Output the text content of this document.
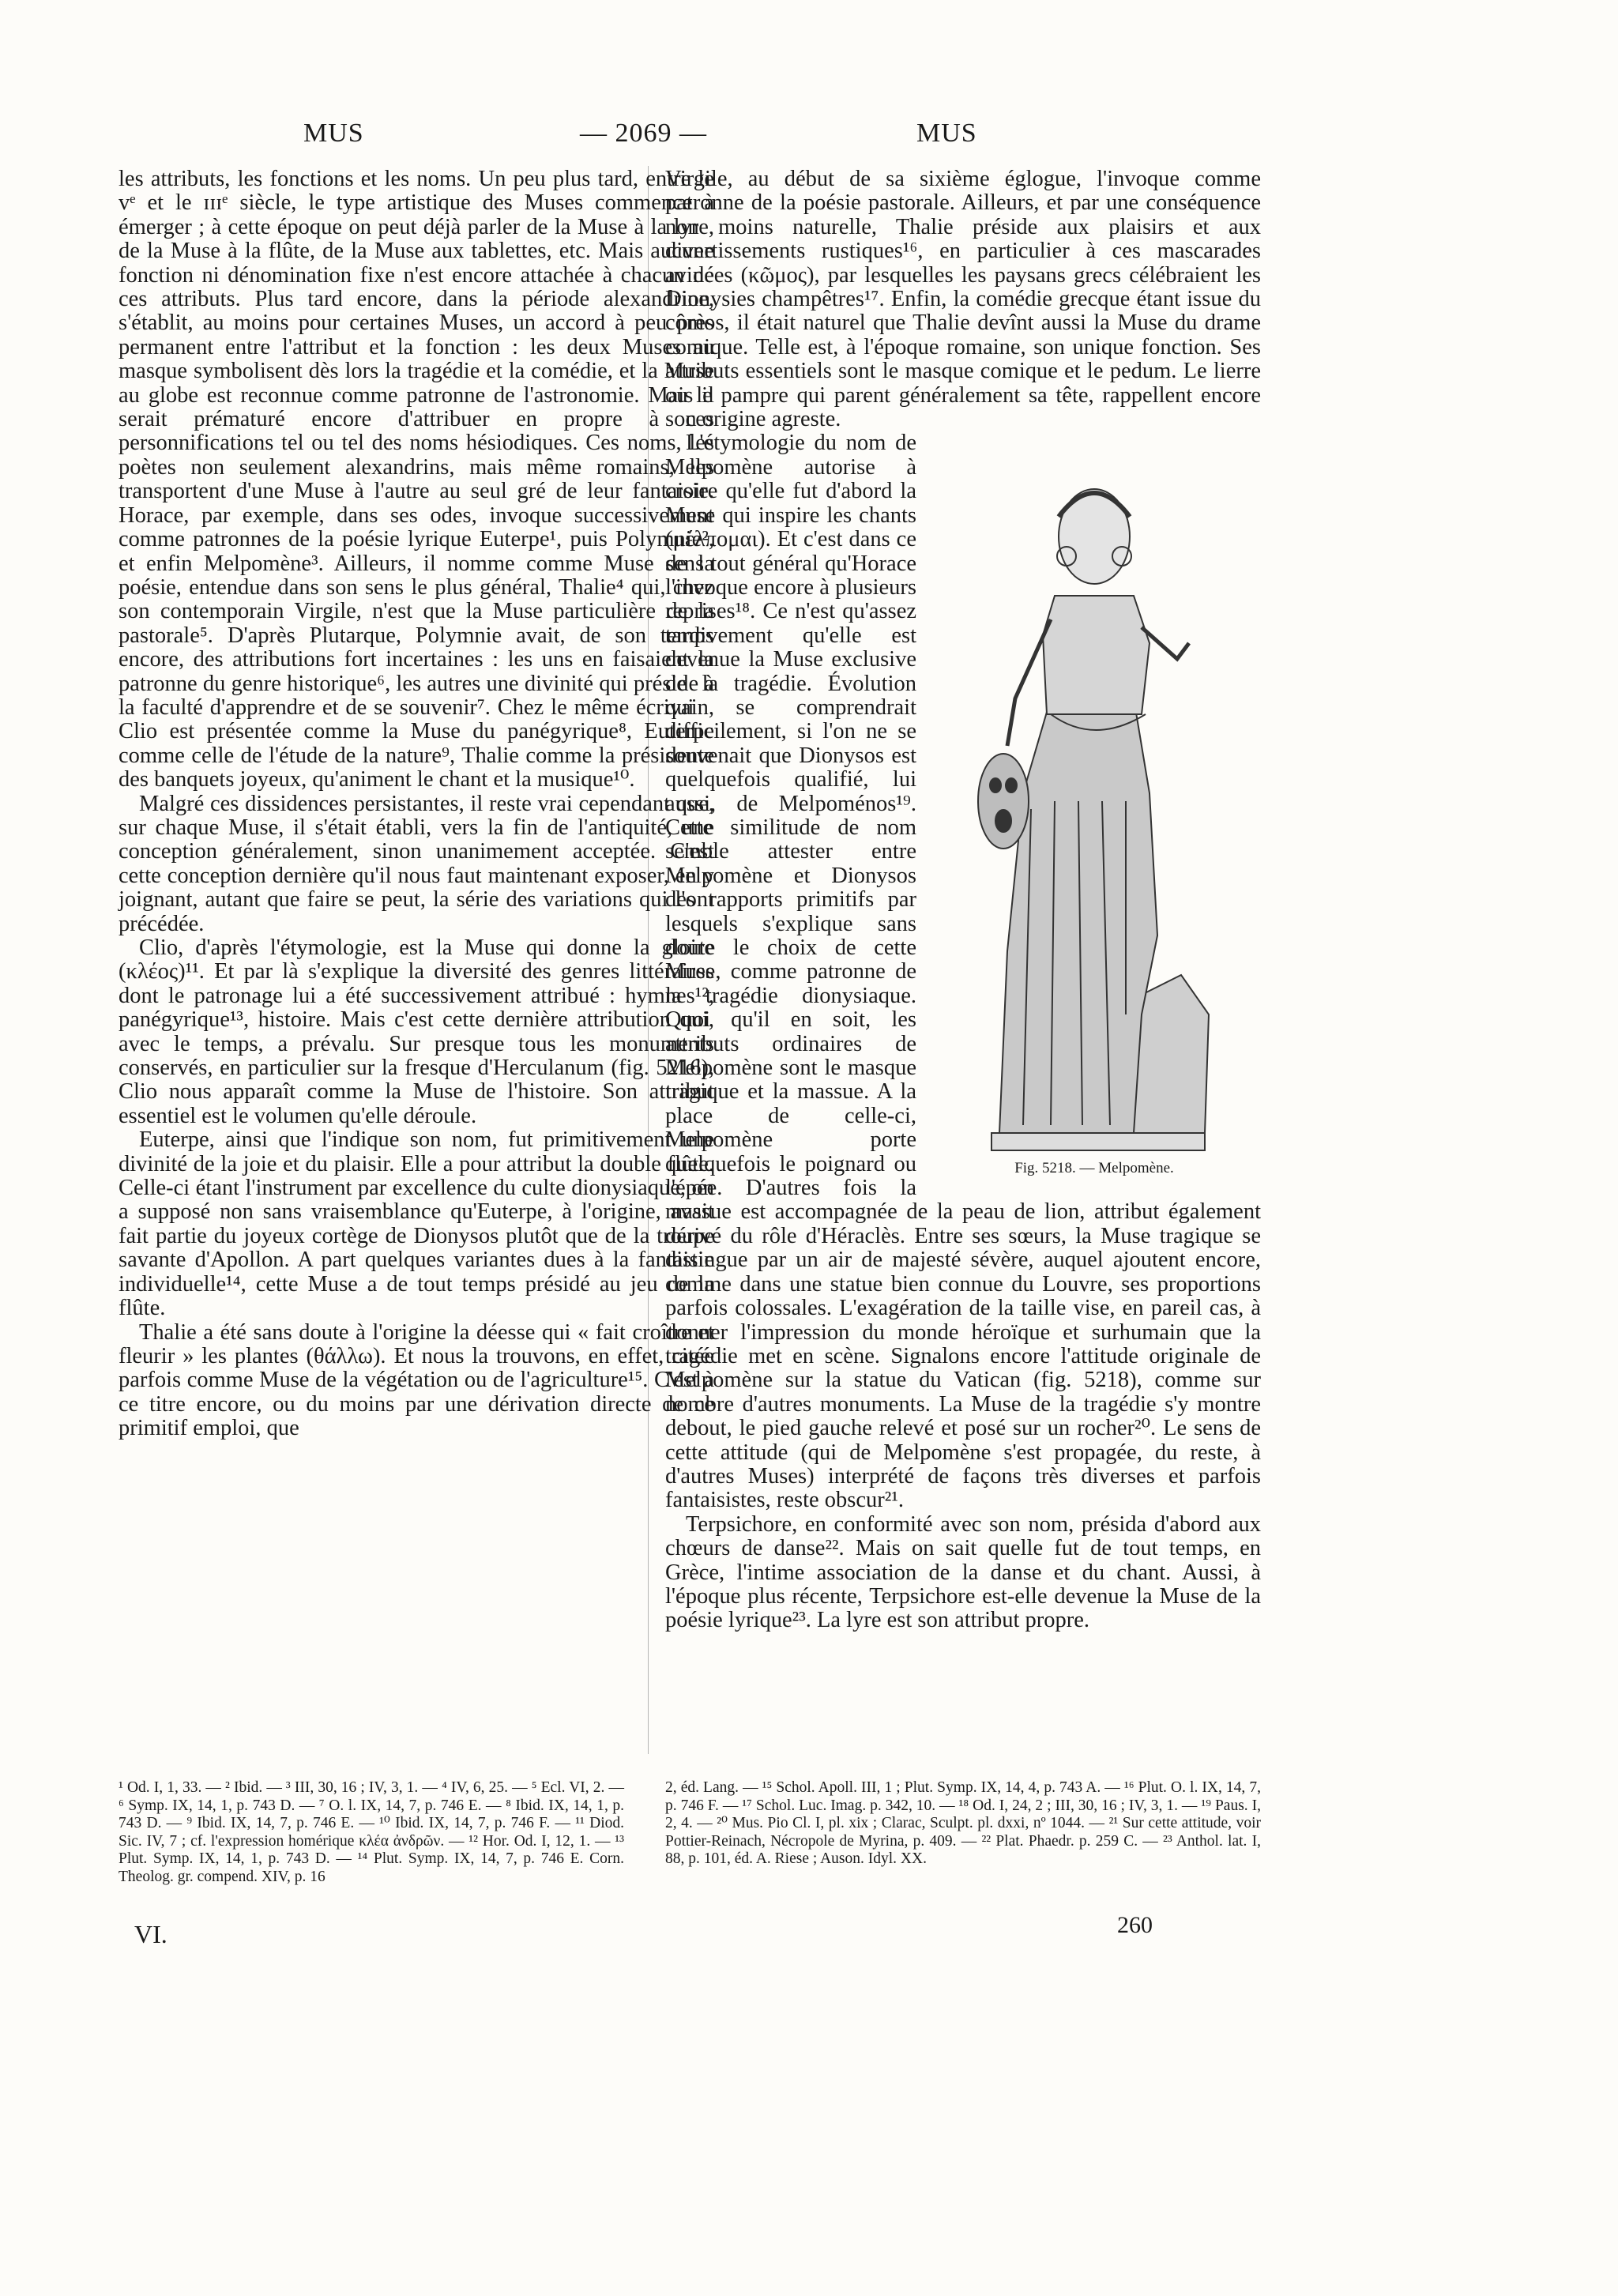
MUS	— 2069 —	MUS

les attributs, les fonctions et les noms. Un peu plus tard, entre le vᵉ et le ɪɪɪᵉ siècle, le type artistique des Muses commence à émerger ; à cette époque on peut déjà parler de la Muse à la lyre, de la Muse à la flûte, de la Muse aux tablettes, etc. Mais aucune fonction ni dénomination fixe n'est encore attachée à chacun de ces attributs. Plus tard encore, dans la période alexandrine, s'établit, au moins pour certaines Muses, un accord à peu près permanent entre l'attribut et la fonction : les deux Muses au masque symbolisent dès lors la tragédie et la comédie, et la Muse au globe est reconnue comme patronne de l'astronomie. Mais il serait prématuré encore d'attribuer en propre à ces personnifications tel ou tel des noms hésiodiques. Ces noms, les poètes non seulement alexandrins, mais même romains, les transportent d'une Muse à l'autre au seul gré de leur fantaisie. Horace, par exemple, dans ses odes, invoque successivement comme patronnes de la poésie lyrique Euterpe¹, puis Polymnie², et enfin Melpomène³. Ailleurs, il nomme comme Muse de la poésie, entendue dans son sens le plus général, Thalie⁴ qui, chez son contemporain Virgile, n'est que la Muse particulière de la pastorale⁵. D'après Plutarque, Polymnie avait, de son temps encore, des attributions fort incertaines : les uns en faisaient la patronne du genre historique⁶, les autres une divinité qui préside à la faculté d'apprendre et de se souvenir⁷. Chez le même écrivain, Clio est présentée comme la Muse du panégyrique⁸, Euterpe comme celle de l'étude de la nature⁹, Thalie comme la présidente des banquets joyeux, qu'animent le chant et la musique¹⁰.

Malgré ces dissidences persistantes, il reste vrai cependant que, sur chaque Muse, il s'était établi, vers la fin de l'antiquité, une conception généralement, sinon unanimement acceptée. C'est cette conception dernière qu'il nous faut maintenant exposer, en y joignant, autant que faire se peut, la série des variations qui l'ont précédée.

Clio, d'après l'étymologie, est la Muse qui donne la gloire (κλέος)¹¹. Et par là s'explique la diversité des genres littéraires dont le patronage lui a été successivement attribué : hymnes¹², panégyrique¹³, histoire. Mais c'est cette dernière attribution qui, avec le temps, a prévalu. Sur presque tous les monuments conservés, en particulier sur la fresque d'Herculanum (fig. 5216), Clio nous apparaît comme la Muse de l'histoire. Son attribut essentiel est le volumen qu'elle déroule.

Euterpe, ainsi que l'indique son nom, fut primitivement une divinité de la joie et du plaisir. Elle a pour attribut la double flûte. Celle-ci étant l'instrument par excellence du culte dionysiaque, on a supposé non sans vraisemblance qu'Euterpe, à l'origine, avait fait partie du joyeux cortège de Dionysos plutôt que de la troupe savante d'Apollon. A part quelques variantes dues à la fantaisie individuelle¹⁴, cette Muse a de tout temps présidé au jeu de la flûte.

Thalie a été sans doute à l'origine la déesse qui « fait croître et fleurir » les plantes (θάλλω). Et nous la trouvons, en effet, citée parfois comme Muse de la végétation ou de l'agriculture¹⁵. C'est à ce titre encore, ou du moins par une dérivation directe de ce primitif emploi, que

Virgile, au début de sa sixième églogue, l'invoque comme patronne de la poésie pastorale. Ailleurs, et par une conséquence non moins naturelle, Thalie préside aux plaisirs et aux divertissements rustiques¹⁶, en particulier à ces mascarades avinées (κῶμος), par lesquelles les paysans grecs célébraient les Dionysies champêtres¹⁷. Enfin, la comédie grecque étant issue du cômos, il était naturel que Thalie devînt aussi la Muse du drame comique. Telle est, à l'époque romaine, son unique fonction. Ses attributs essentiels sont le masque comique et le pedum. Le lierre ou le pampre qui parent généralement sa tête, rappellent encore son origine agreste.

Fig. 5218. — Melpomène.

L'étymologie du nom de Melpomène autorise à croire qu'elle fut d'abord la Muse qui inspire les chants (μέλπομαι). Et c'est dans ce sens tout général qu'Horace l'invoque encore à plusieurs reprises¹⁸. Ce n'est qu'assez tardivement qu'elle est devenue la Muse exclusive de la tragédie. Évolution qui se comprendrait difficilement, si l'on ne se souvenait que Dionysos est quelquefois qualifié, lui aussi, de Melpoménos¹⁹. Cette similitude de nom semble attester entre Melpomène et Dionysos des rapports primitifs par lesquels s'explique sans doute le choix de cette Muse, comme patronne de la tragédie dionysiaque. Quoi qu'il en soit, les attributs ordinaires de Melpomène sont le masque tragique et la massue. A la place de celle-ci, Melpomène porte quelquefois le poignard ou l'épée. D'autres fois la massue est accompagnée de la peau de lion, attribut également dérivé du rôle d'Héraclès. Entre ses sœurs, la Muse tragique se distingue par un air de majesté sévère, auquel ajoutent encore, comme dans une statue bien connue du Louvre, ses proportions parfois colossales. L'exagération de la taille vise, en pareil cas, à donner l'impression du monde héroïque et surhumain que la tragédie met en scène. Signalons encore l'attitude originale de Melpomène sur la statue du Vatican (fig. 5218), comme sur nombre d'autres monuments. La Muse de la tragédie s'y montre debout, le pied gauche relevé et posé sur un rocher²⁰. Le sens de cette attitude (qui de Melpomène s'est propagée, du reste, à d'autres Muses) interprété de façons très diverses et parfois fantaisistes, reste obscur²¹.

Terpsichore, en conformité avec son nom, présida d'abord aux chœurs de danse²². Mais on sait quelle fut de tout temps, en Grèce, l'intime association de la danse et du chant. Aussi, à l'époque plus récente, Terpsichore est-elle devenue la Muse de la poésie lyrique²³. La lyre est son attribut propre.

¹ Od. I, 1, 33. — ² Ibid. — ³ III, 30, 16 ; IV, 3, 1. — ⁴ IV, 6, 25. — ⁵ Ecl. VI, 2. — ⁶ Symp. IX, 14, 1, p. 743 D. — ⁷ O. l. IX, 14, 7, p. 746 E. — ⁸ Ibid. IX, 14, 1, p. 743 D. — ⁹ Ibid. IX, 14, 7, p. 746 E. — ¹⁰ Ibid. IX, 14, 7, p. 746 F. — ¹¹ Diod. Sic. IV, 7 ; cf. l'expression homérique κλέα ἀνδρῶν. — ¹² Hor. Od. I, 12, 1. — ¹³ Plut. Symp. IX, 14, 1, p. 743 D. — ¹⁴ Plut. Symp. IX, 14, 7, p. 746 E. Corn. Theolog. gr. compend. XIV, p. 16

2, éd. Lang. — ¹⁵ Schol. Apoll. III, 1 ; Plut. Symp. IX, 14, 4, p. 743 A. — ¹⁶ Plut. O. l. IX, 14, 7, p. 746 F. — ¹⁷ Schol. Luc. Imag. p. 342, 10. — ¹⁸ Od. I, 24, 2 ; III, 30, 16 ; IV, 3, 1. — ¹⁹ Paus. I, 2, 4. — ²⁰ Mus. Pio Cl. I, pl. xix ; Clarac, Sculpt. pl. dxxi, nº 1044. — ²¹ Sur cette attitude, voir Pottier-Reinach, Nécropole de Myrina, p. 409. — ²² Plat. Phaedr. p. 259 C. — ²³ Anthol. lat. I, 88, p. 101, éd. A. Riese ; Auson. Idyl. XX.

VI.	260
